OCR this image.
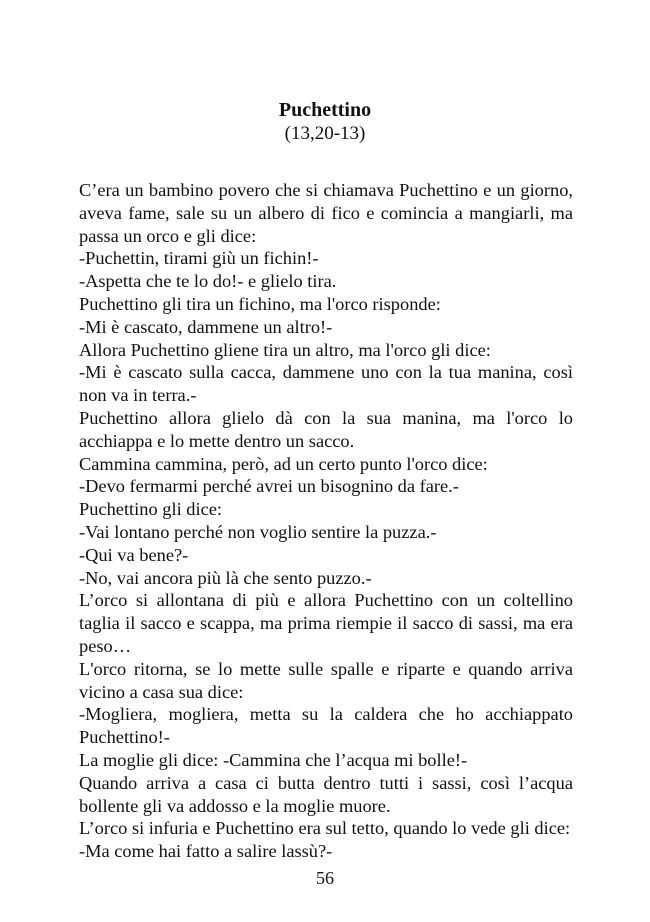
Puchettino
(13,20-13)

C’era un bambino povero che si chiamava Puchettino e un giorno, aveva fame, sale su un albero di fico e comincia a mangiarli, ma passa un orco e gli dice:

-Puchettin, tirami giù un fichin!-

-Aspetta che te lo do!- e glielo tira.

Puchettino gli tira un fichino, ma l'orco risponde:

-Mi è cascato, dammene un altro!-

Allora Puchettino gliene tira un altro, ma l'orco gli dice:

-Mi è cascato sulla cacca, dammene uno con la tua manina, così non va in terra.-

Puchettino allora glielo dà con la sua manina, ma l'orco lo acchiappa e lo mette dentro un sacco.

Cammina cammina, però, ad un certo punto l'orco dice:

-Devo fermarmi perché avrei un bisognino da fare.-

Puchettino gli dice:

-Vai lontano perché non voglio sentire la puzza.-

-Qui va bene?-

-No, vai ancora più là che sento puzzo.-

L’orco si allontana di più e allora Puchettino con un coltellino taglia il sacco e scappa, ma prima riempie il sacco di sassi, ma era peso…

L'orco ritorna, se lo mette sulle spalle e riparte e quando arriva vicino a casa sua dice:

-Mogliera, mogliera, metta su la caldera che ho acchiappato Puchettino!-

La moglie gli dice: -Cammina che l’acqua mi bolle!-

Quando arriva a casa ci butta dentro tutti i sassi, così l’acqua bollente gli va addosso e la moglie muore.

L’orco si infuria e Puchettino era sul tetto, quando lo vede gli dice:

-Ma come hai fatto a salire lassù?-

56
